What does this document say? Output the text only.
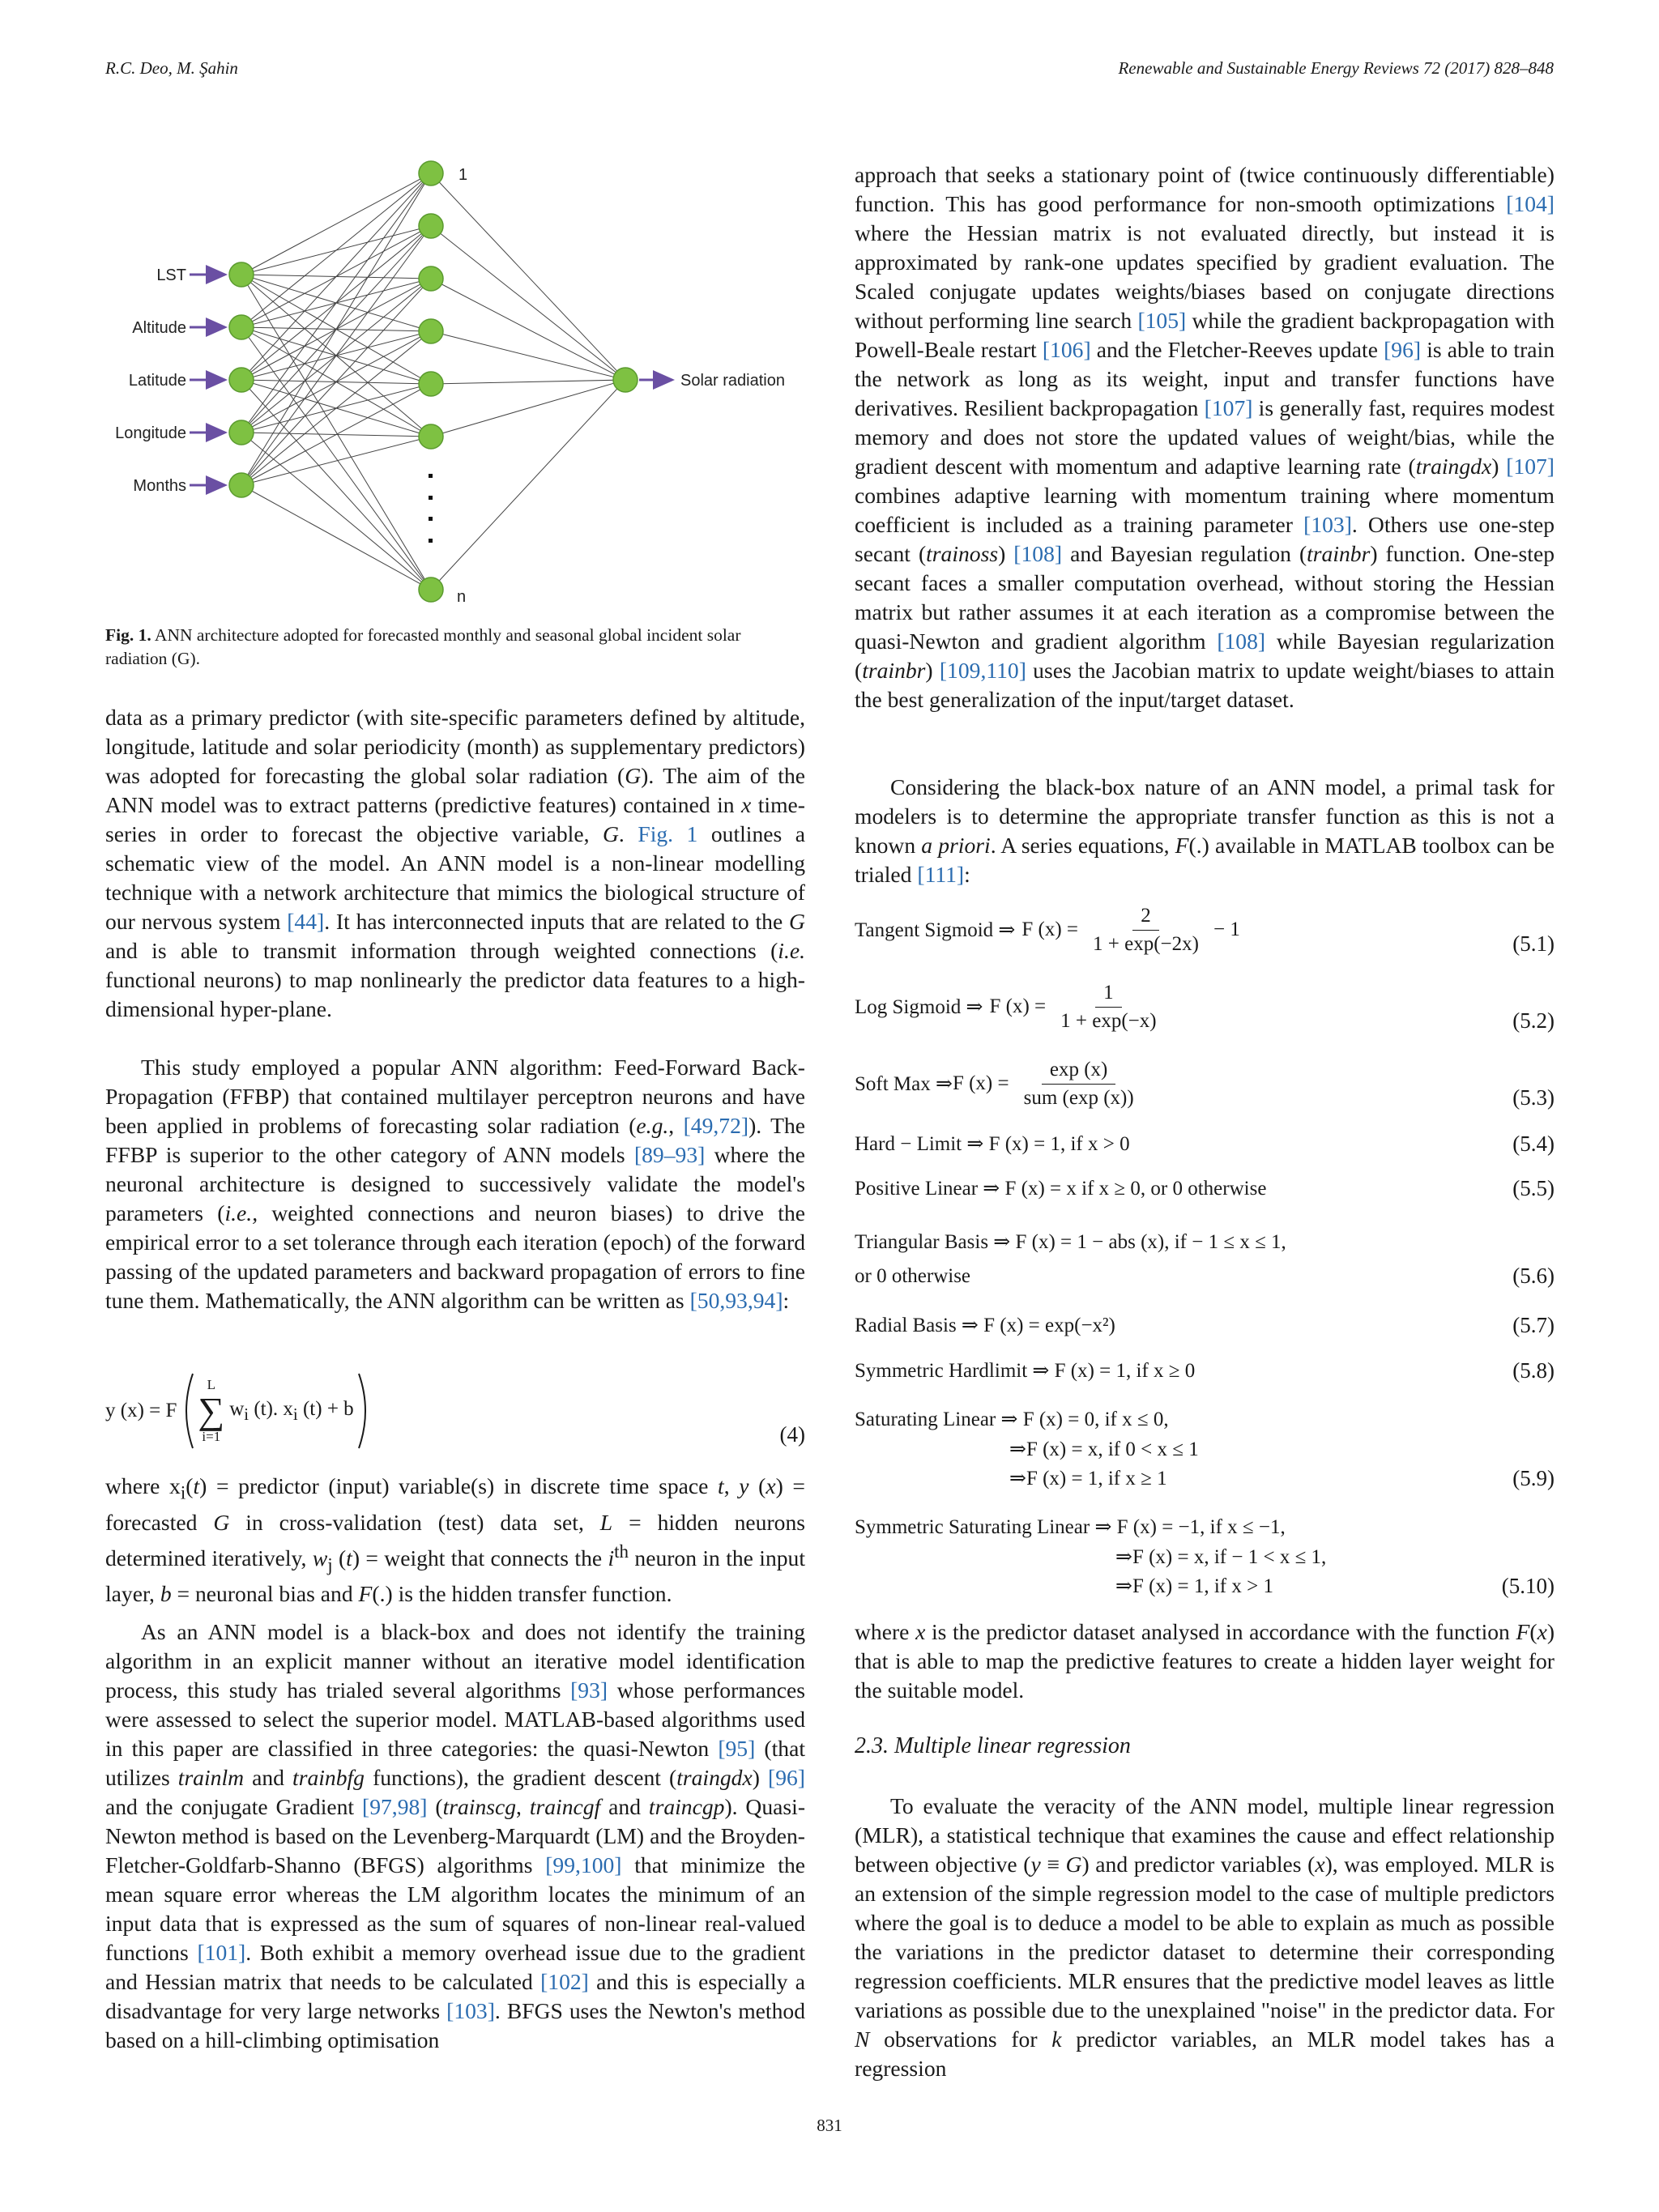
R.C. Deo, M. Şahin	Renewable and Sustainable Energy Reviews 72 (2017) 828–848
LST
Altitude
Latitude
Longitude
Months
1
n
Solar radiation
Fig. 1. ANN architecture adopted for forecasted monthly and seasonal global incident solar radiation (G).

data as a primary predictor (with site-specific parameters defined by altitude, longitude, latitude and solar periodicity (month) as supplementary predictors) was adopted for forecasting the global solar radiation (G). The aim of the ANN model was to extract patterns (predictive features) contained in x time-series in order to forecast the objective variable, G. Fig. 1 outlines a schematic view of the model. An ANN model is a non-linear modelling technique with a network architecture that mimics the biological structure of our nervous system [44]. It has interconnected inputs that are related to the G and is able to transmit information through weighted connections (i.e. functional neurons) to map nonlinearly the predictor data features to a high-dimensional hyper-plane.

This study employed a popular ANN algorithm: Feed-Forward Back-Propagation (FFBP) that contained multilayer perceptron neurons and have been applied in problems of forecasting solar radiation (e.g., [49,72]). The FFBP is superior to the other category of ANN models [89–93] where the neuronal architecture is designed to successively validate the model's parameters (i.e., weighted connections and neuron biases) to drive the empirical error to a set tolerance through each iteration (epoch) of the forward passing of the updated parameters and backward propagation of errors to fine tune them. Mathematically, the ANN algorithm can be written as [50,93,94]:

y (x) = F
L
∑
i=1
$w_i$ (t). $x_i$ (t) + b
(4)

where $x_i(t)$ = predictor (input) variable(s) in discrete time space t, y (x) = forecasted G in cross-validation (test) data set, L = hidden neurons determined iteratively, $w_j$ (t) = weight that connects the $i^{th}$ neuron in the input layer, b = neuronal bias and F(.) is the hidden transfer function.

As an ANN model is a black-box and does not identify the training algorithm in an explicit manner without an iterative model identification process, this study has trialed several algorithms [93] whose performances were assessed to select the superior model. MATLAB-based algorithms used in this paper are classified in three categories: the quasi-Newton [95] (that utilizes trainlm and trainbfg functions), the gradient descent (traingdx) [96] and the conjugate Gradient [97,98] (trainscg, traincgf and traincgp). Quasi-Newton method is based on the Levenberg-Marquardt (LM) and the Broyden-Fletcher-Goldfarb-Shanno (BFGS) algorithms [99,100] that minimize the mean square error whereas the LM algorithm locates the minimum of an input data that is expressed as the sum of squares of non-linear real-valued functions [101]. Both exhibit a memory overhead issue due to the gradient and Hessian matrix that needs to be calculated [102] and this is especially a disadvantage for very large networks [103]. BFGS uses the Newton's method based on a hill-climbing optimisation

approach that seeks a stationary point of (twice continuously differentiable) function. This has good performance for non-smooth optimizations [104] where the Hessian matrix is not evaluated directly, but instead it is approximated by rank-one updates specified by gradient evaluation. The Scaled conjugate updates weights/biases based on conjugate directions without performing line search [105] while the gradient backpropagation with Powell-Beale restart [106] and the Fletcher-Reeves update [96] is able to train the network as long as its weight, input and transfer functions have derivatives. Resilient backpropagation [107] is generally fast, requires modest memory and does not store the updated values of weight/bias, while the gradient descent with momentum and adaptive learning rate (traingdx) [107] combines adaptive learning with momentum training where momentum coefficient is included as a training parameter [103]. Others use one-step secant (trainoss) [108] and Bayesian regulation (trainbr) function. One-step secant faces a smaller computation overhead, without storing the Hessian matrix but rather assumes it at each iteration as a compromise between the quasi-Newton and gradient algorithm [108] while Bayesian regularization (trainbr) [109,110] uses the Jacobian matrix to update weight/biases to attain the best generalization of the input/target dataset.

Considering the black-box nature of an ANN model, a primal task for modelers is to determine the appropriate transfer function as this is not a known a priori. A series equations, F(.) available in MATLAB toolbox can be trialed [111]:

Tangent Sigmoid ⇒ F $(x) = \frac{2}{1 + \exp(-2x)} - 1$
(5.1)
Log Sigmoid ⇒ F $(x) = \frac{1}{1 + \exp(-x)}$	(5.2)
Soft Max ⇒ F $(x) = \frac{\exp (x)}{\text{sum (exp (x))}}$	(5.3)
Hard − Limit ⇒ F (x) = 1, if x > 0	(5.4)
Positive Linear ⇒ F (x) = x if x ≥ 0, or 0 otherwise	(5.5)
Triangular Basis ⇒ F (x) = 1 − abs (x), if − 1 ≤ x ≤ 1,
or 0 otherwise	(5.6)
Radial Basis ⇒ F (x) = exp(−x²)	(5.7)
Symmetric Hardlimit ⇒ F (x) = 1, if x ≥ 0	(5.8)
Saturating Linear ⇒ F (x) = 0, if x ≤ 0,
⇒F (x) = x, if 0 < x ≤ 1
⇒F (x) = 1, if x ≥ 1	(5.9)
Symmetric Saturating Linear ⇒ F (x) = −1, if x ≤ −1,
⇒F (x) = x, if − 1 < x ≤ 1,
⇒F (x) = 1, if x > 1	(5.10)

where x is the predictor dataset analysed in accordance with the function F(x) that is able to map the predictive features to create a hidden layer weight for the suitable model.

2.3. Multiple linear regression

To evaluate the veracity of the ANN model, multiple linear regression (MLR), a statistical technique that examines the cause and effect relationship between objective (y ≡ G) and predictor variables (x), was employed. MLR is an extension of the simple regression model to the case of multiple predictors where the goal is to deduce a model to be able to explain as much as possible the variations in the predictor dataset to determine their corresponding regression coefficients. MLR ensures that the predictive model leaves as little variations as possible due to the unexplained "noise" in the predictor data. For N observations for k predictor variables, an MLR model takes has a regression

831
